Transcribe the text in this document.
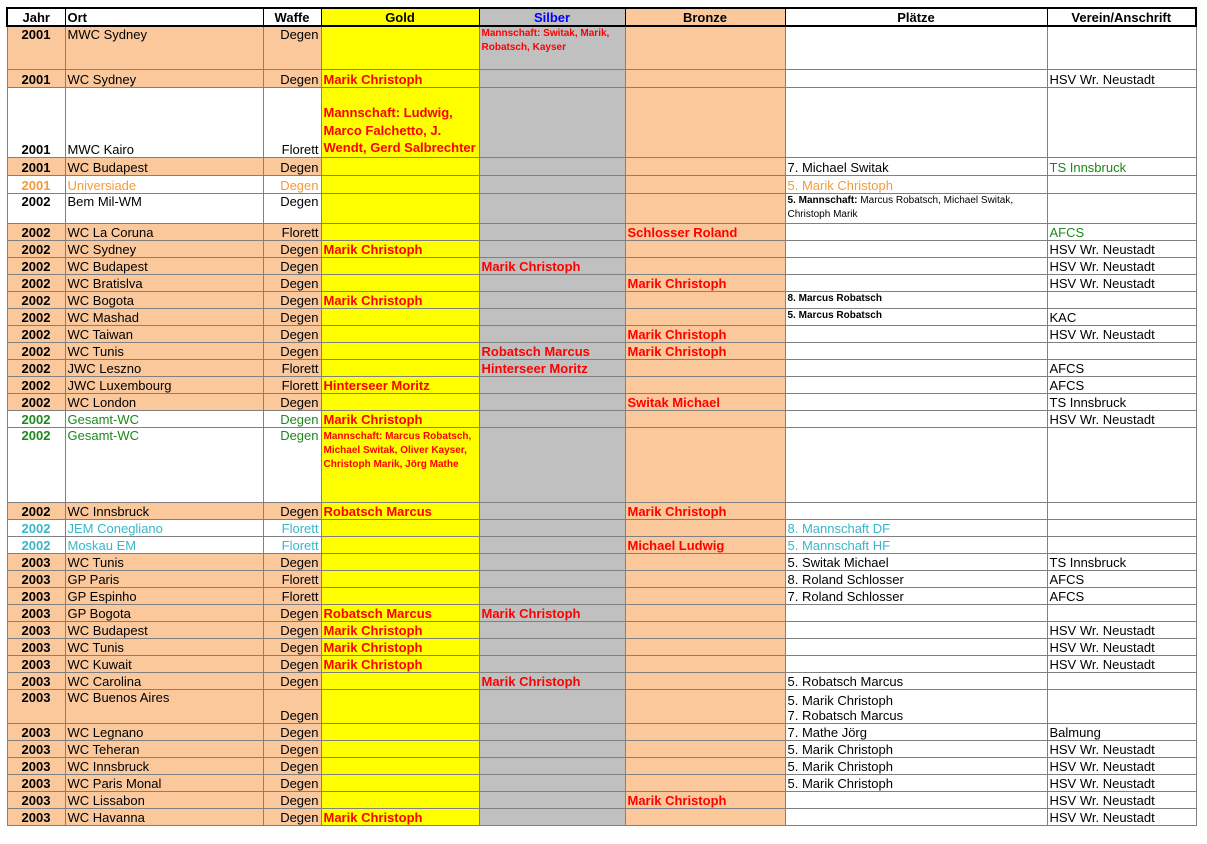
Jahr	Ort	Waffe	Gold	Silber	Bronze	Plätze	Verein/Anschrift
2001	MWC Sydney	Degen		Mannschaft: Switak, Marik, Robatsch, Kayser			
2001	WC Sydney	Degen	Marik Christoph				HSV Wr. Neustadt
2001	MWC Kairo	Florett	Mannschaft: Ludwig, Marco Falchetto, J. Wendt, Gerd Salbrechter				
2001	WC Budapest	Degen				7. Michael Switak	TS Innsbruck
2001	Universiade	Degen				5. Marik Christoph	
2002	Bem Mil-WM	Degen				5. Mannschaft: Marcus Robatsch, Michael Switak, Christoph Marik	
2002	WC La Coruna	Florett			Schlosser Roland		AFCS
2002	WC Sydney	Degen	Marik Christoph				HSV Wr. Neustadt
2002	WC Budapest	Degen		Marik Christoph			HSV Wr. Neustadt
2002	WC Bratislva	Degen			Marik Christoph		HSV Wr. Neustadt
2002	WC Bogota	Degen	Marik Christoph			8. Marcus Robatsch	
2002	WC Mashad	Degen				5. Marcus Robatsch	KAC
2002	WC Taiwan	Degen			Marik Christoph		HSV Wr. Neustadt
2002	WC Tunis	Degen		Robatsch Marcus	Marik Christoph		
2002	JWC Leszno	Florett		Hinterseer Moritz			AFCS
2002	JWC Luxembourg	Florett	Hinterseer Moritz				AFCS
2002	WC London	Degen			Switak Michael		TS Innsbruck
2002	Gesamt-WC	Degen	Marik Christoph				HSV Wr. Neustadt
2002	Gesamt-WC	Degen	Mannschaft: Marcus Robatsch, Michael Switak, Oliver Kayser, Christoph Marik, Jörg Mathe				
2002	WC Innsbruck	Degen	Robatsch Marcus		Marik Christoph		
2002	JEM Conegliano	Florett				8. Mannschaft DF	
2002	Moskau EM	Florett			Michael Ludwig	5. Mannschaft HF	
2003	WC Tunis	Degen				5. Switak Michael	TS Innsbruck
2003	GP Paris	Florett				8. Roland Schlosser	AFCS
2003	GP Espinho	Florett				7. Roland Schlosser	AFCS
2003	GP Bogota	Degen	Robatsch Marcus	Marik Christoph			
2003	WC Budapest	Degen	Marik Christoph				HSV Wr. Neustadt
2003	WC Tunis	Degen	Marik Christoph				HSV Wr. Neustadt
2003	WC Kuwait	Degen	Marik Christoph				HSV Wr. Neustadt
2003	WC Carolina	Degen		Marik Christoph		5. Robatsch Marcus	
2003	WC Buenos Aires	Degen				5. Marik Christoph
7. Robatsch Marcus	

2003	WC Legnano	Degen				7. Mathe Jörg	Balmung
2003	WC Teheran	Degen				5. Marik Christoph	HSV Wr. Neustadt
2003	WC Innsbruck	Degen				5. Marik Christoph	HSV Wr. Neustadt
2003	WC Paris Monal	Degen				5. Marik Christoph	HSV Wr. Neustadt
2003	WC Lissabon	Degen			Marik Christoph		HSV Wr. Neustadt
2003	WC Havanna	Degen	Marik Christoph				HSV Wr. Neustadt
